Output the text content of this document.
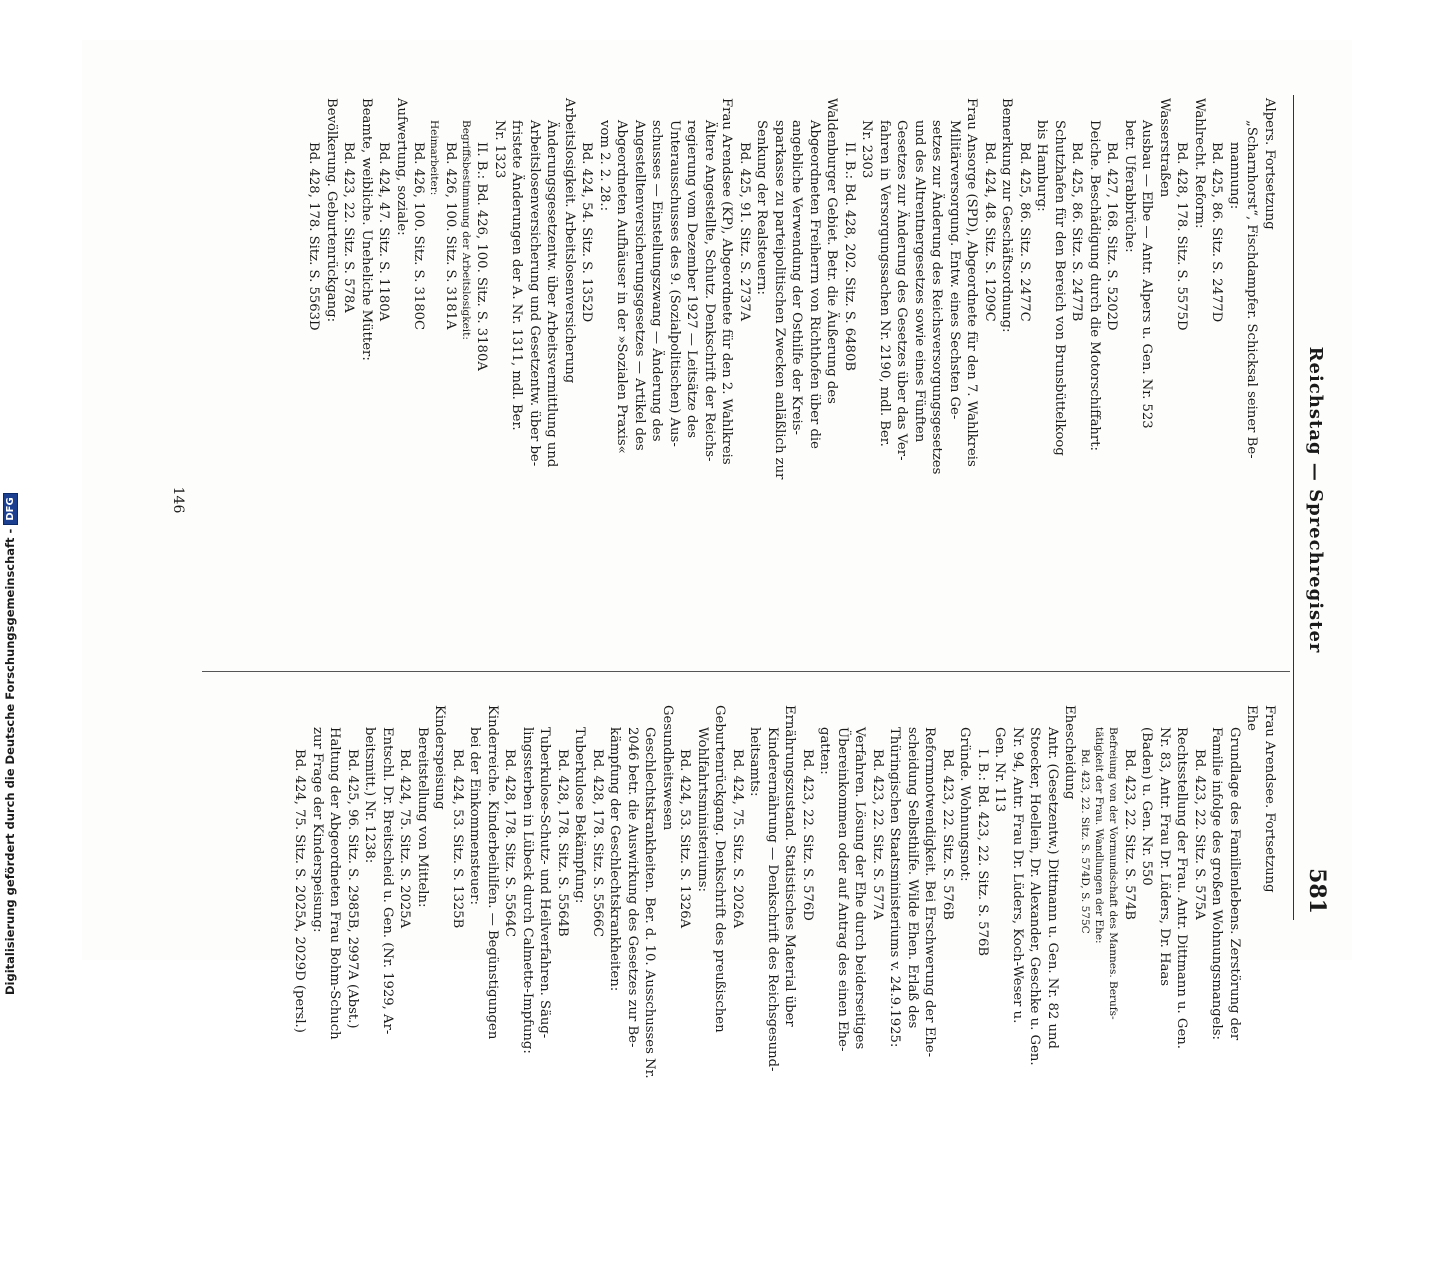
Reichstag — Sprechregister
581

Alpers. Fortsetzung

„Scharnhorst“, Fischdampfer. Schicksal seiner Be-

mannung:

Bd. 425, 86. Sitz. S. 2477D

Wahlrecht. Reform:

Bd. 428, 178. Sitz. S. 5575D

Wasserstraßen

Ausbau — Elbe — Antr. Alpers u. Gen. Nr. 523

betr. Uferabbrüche:

Bd. 427, 168. Sitz. S. 5202D

Deiche. Beschädigung durch die Motorschiffahrt:

Bd. 425, 86. Sitz. S. 2477B

Schutzhafen für den Bereich von Brunsbüttelkoog

bis Hamburg:

Bd. 425, 86. Sitz. S. 2477C

Bemerkung zur Geschäftsordnung:

Bd. 424, 48. Sitz. S. 1209C

Frau Ansorge (SPD), Abgeordnete für den 7. Wahlkreis

Militärversorgung. Entw. eines Sechsten Ge-

setzes zur Änderung des Reichsversorgungsgesetzes

und des Altrentnergesetzes sowie eines Fünften

Gesetzes zur Änderung des Gesetzes über das Ver-

fahren in Versorgungssachen Nr. 2190, mdl. Ber.

Nr. 2303

II. B.: Bd. 428, 202. Sitz. S. 6480B

Waldenburger Gebiet. Betr. die Äußerung des

Abgeordneten Freiherrn von Richthofen über die

angebliche Verwendung der Osthilfe der Kreis-

sparkasse zu parteipolitischen Zwecken anläßlich zur

Senkung der Realsteuern:

Bd. 425, 91. Sitz. S. 2737A

Frau Arendsee (KP), Abgeordnete für den 2. Wahlkreis

Ältere Angestellte, Schutz. Denkschrift der Reichs-

regierung vom Dezember 1927 — Leitsätze des

Unterausschusses des 9. (Sozialpolitischen) Aus-

schusses — Einstellungszwang — Änderung des

Angestelltenversicherungsgesetzes — Artikel des

Abgeordneten Aufhäuser in der »Sozialen Praxis«

vom 2. 2. 28.:

Bd. 424, 54. Sitz. S. 1352D

Arbeitslosigkeit. Arbeitslosenversicherung

Änderungsgesetzentw. über Arbeitsvermittlung und

Arbeitslosenversicherung und Gesetzentw. über be-

fristete Änderungen der A. Nr. 1311, mdl. Ber.

Nr. 1323

II. B.: Bd. 426, 100. Sitz. S. 3180A

Begriffsbestimmung der Arbeitslosigkeit:

Bd. 426, 100. Sitz. S. 3181A

Heimarbeiter:

Bd. 426, 100. Sitz. S. 3180C

Aufwertung, soziale:

Bd. 424, 47. Sitz. S. 1180A

Beamte, weibliche. Uneheliche Mütter:

Bd. 423, 22. Sitz. S. 578A

Bevölkerung. Geburtenrückgang:

Bd. 428, 178. Sitz. S. 5563D

Frau Arendsee. Fortsetzung

Ehe

Grundlage des Familienlebens. Zerstörung der

Familie infolge des großen Wohnungsmangels:

Bd. 423, 22. Sitz. S. 575A

Rechtsstellung der Frau. Antr. Dittmann u. Gen.

Nr. 83, Antr. Frau Dr. Lüders, Dr. Haas

(Baden) u. Gen. Nr. 550

Bd. 423, 22. Sitz. S. 574B

Befreiung von der Vormundschaft des Mannes. Berufs-

tätigkeit der Frau. Wandlungen der Ehe:

Bd. 423, 22. Sitz. S. 574D, S. 575C

Ehescheidung

Antr. (Gesetzentw.) Dittmann u. Gen. Nr. 82 und

Stoecker, Hoellein, Dr. Alexander, Geschke u. Gen.

Nr. 94, Antr. Frau Dr. Lüders, Koch-Weser u.

Gen. Nr. 113

I. B.: Bd. 423, 22. Sitz. S. 576B

Gründe. Wohnungsnot:

Bd. 423, 22. Sitz. S. 576B

Reformnotwendigkeit. Bei Erschwerung der Ehe-

scheidung Selbsthilfe. Wilde Ehen. Erlaß des

Thüringischen Staatsministeriums v. 24.9.1925:

Bd. 423, 22. Sitz. S. 577A

Verfahren. Lösung der Ehe durch beiderseitiges

Übereinkommen oder auf Antrag des einen Ehe-

gatten:

Bd. 423, 22. Sitz. S. 576D

Ernährungszustand. Statistisches Material über

Kinderernährung — Denkschrift des Reichsgesund-

heitsamts:

Bd. 424, 75. Sitz. S. 2026A

Geburtenrückgang. Denkschrift des preußischen

Wohlfahrtsministeriums:

Bd. 424, 53. Sitz. S. 1326A

Gesundheitswesen

Geschlechtskrankheiten. Ber. d. 10. Ausschusses Nr.

2046 betr. die Auswirkung des Gesetzes zur Be-

kämpfung der Geschlechtskrankheiten:

Bd. 428, 178. Sitz. S. 5566C

Tuberkulose Bekämpfung:

Bd. 428, 178. Sitz. S. 5564B

Tuberkulose-Schutz- und Heilverfahren. Säug-

lingssterben in Lübeck durch Calmette-Impfung:

Bd. 428, 178. Sitz. S. 5564C

Kinderreiche. Kinderbeihilfen. — Begünstigungen

bei der Einkommensteuer:

Bd. 424, 53. Sitz. S. 1325B

Kinderspeisung

Bereitstellung von Mitteln:

Bd. 424, 75. Sitz. S. 2025A

Entschl. Dr. Breitscheid u. Gen. (Nr. 1929, Ar-

beitsmitt.) Nr. 1238:

Bd. 425, 96. Sitz. S. 2985B, 2997A (Abst.)

Haltung der Abgeordneten Frau Bohm-Schuch

zur Frage der Kinderspeisung:

Bd. 424, 75. Sitz. S. 2025A, 2029D (persl.)

146
Digitalisierung gefördert durch die Deutsche Forschungsgemeinschaft -
DFG
